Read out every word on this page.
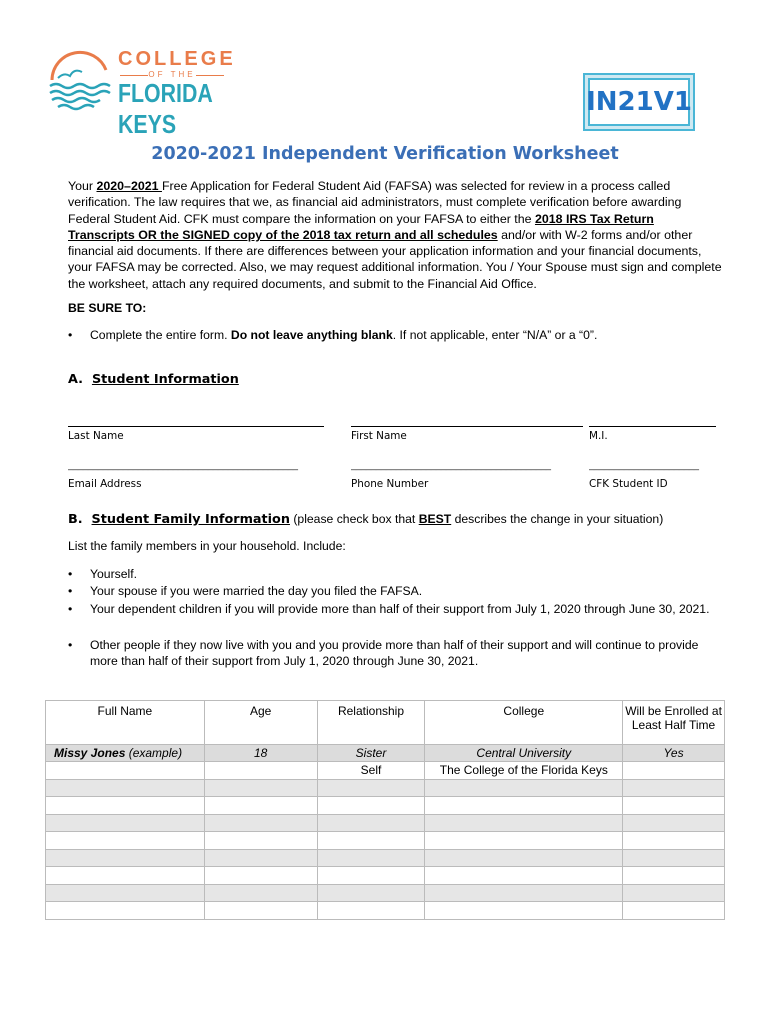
COLLEGE
OF THE
FLORIDA KEYS
IN21V1
2020-2021 Independent Verification Worksheet
Your 2020–2021 Free Application for Federal Student Aid (FAFSA) was selected for review in a process called verification. The law requires that we, as financial aid administrators, must complete verification before awarding Federal Student Aid. CFK must compare the information on your FAFSA to either the 2018 IRS Tax Return Transcripts OR the SIGNED copy of the 2018 tax return and all schedules and/or with W-2 forms and/or other financial aid documents. If there are differences between your application information and your financial documents, your FAFSA may be corrected. Also, we may request additional information. You / Your Spouse must sign and complete the worksheet, attach any required documents, and submit to the Financial Aid Office.
BE SURE TO:
• Complete the entire form. Do not leave anything blank. If not applicable, enter “N/A” or a “0”.
A. Student Information
Last Name	First Name	M.I.
______________________________________________	________________________________________	______________________
Email Address	Phone Number	CFK Student ID
B. Student Family Information (please check box that BEST describes the change in your situation)
List the family members in your household. Include:
• Yourself.
• Your spouse if you were married the day you filed the FAFSA.
• Your dependent children if you will provide more than half of their support from July 1, 2020 through June 30, 2021.
• Other people if they now live with you and you provide more than half of their support and will continue to provide more than half of their support from July 1, 2020 through June 30, 2021.
Full Name	Age	Relationship	College	Will be Enrolled at Least Half Time
Missy Jones (example)	18	Sister	Central University	Yes
		Self	The College of the Florida Keys	
